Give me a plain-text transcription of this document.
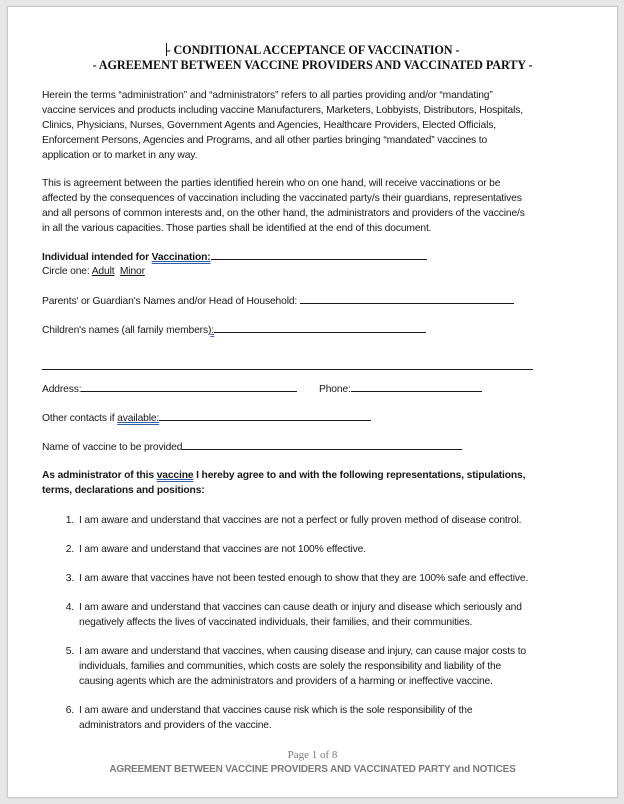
- CONDITIONAL ACCEPTANCE OF VACCINATION -
- AGREEMENT BETWEEN VACCINE PROVIDERS AND VACCINATED PARTY -
Herein the terms “administration” and “administrators” refers to all parties providing and/or “mandating”
vaccine services and products including vaccine Manufacturers, Marketers, Lobbyists, Distributors, Hospitals,
Clinics, Physicians, Nurses, Government Agents and Agencies, Healthcare Providers, Elected Officials,
Enforcement Persons, Agencies and Programs, and all other parties bringing “mandated” vaccines to
application or to market in any way.
This is agreement between the parties identified herein who on one hand, will receive vaccinations or be
affected by the consequences of vaccination including the vaccinated party/s their guardians, representatives
and all persons of common interests and, on the other hand, the administrators and providers of the vaccine/s
in all the various capacities. Those parties shall be identified at the end of this document.
Individual intended for Vaccination:
Circle one: Adult Minor
Parents' or Guardian's Names and/or Head of Household:
Children's names (all family members):
Address:	Phone:
Other contacts if available:
Name of vaccine to be provided
As administrator of this vaccine I hereby agree to and with the following representations, stipulations,
terms, declarations and positions:
1. I am aware and understand that vaccines are not a perfect or fully proven method of disease control.
2. I am aware and understand that vaccines are not 100% effective.
3. I am aware that vaccines have not been tested enough to show that they are 100% safe and effective.
4. I am aware and understand that vaccines can cause death or injury and disease which seriously and
negatively affects the lives of vaccinated individuals, their families, and their communities.
5. I am aware and understand that vaccines, when causing disease and injury, can cause major costs to
individuals, families and communities, which costs are solely the responsibility and liability of the
causing agents which are the administrators and providers of a harming or ineffective vaccine.
6. I am aware and understand that vaccines cause risk which is the sole responsibility of the
administrators and providers of the vaccine.
Page 1 of 8
AGREEMENT BETWEEN VACCINE PROVIDERS AND VACCINATED PARTY and NOTICES
